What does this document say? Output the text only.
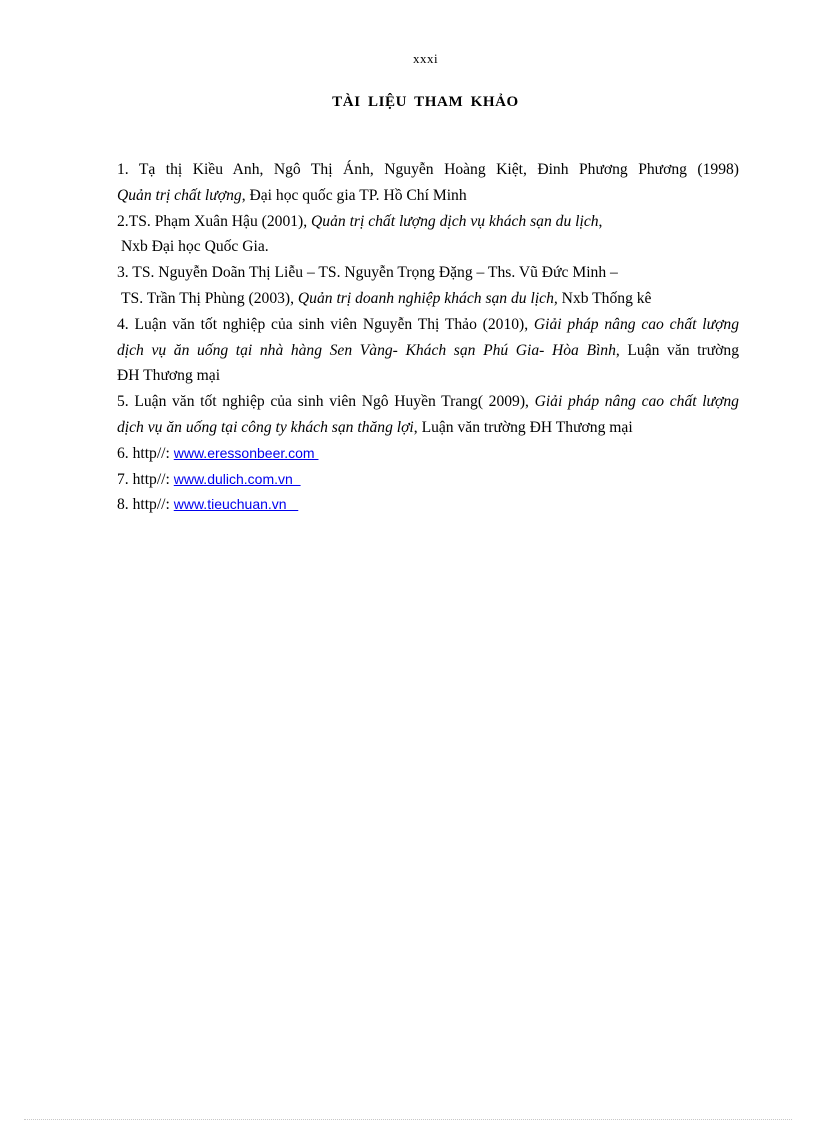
xxxi
TÀI LIỆU THAM KHẢO
1. Tạ thị Kiều Anh, Ngô Thị Ánh, Nguyễn Hoàng Kiệt, Đinh Phương Phương (1998)
Quản trị chất lượng, Đại học quốc gia TP. Hồ Chí Minh
2.TS. Phạm Xuân Hậu (2001), Quản trị chất lượng dịch vụ khách sạn du lịch,
Nxb Đại học Quốc Gia.
3. TS. Nguyễn Doãn Thị Liễu – TS. Nguyễn Trọng Đặng – Ths. Vũ Đức Minh –
TS. Trần Thị Phùng (2003), Quản trị doanh nghiệp khách sạn du lịch, Nxb Thống kê
4. Luận văn tốt nghiệp của sinh viên Nguyễn Thị Thảo (2010), Giải pháp nâng cao chất lượng
dịch vụ ăn uống tại nhà hàng Sen Vàng- Khách sạn Phú Gia- Hòa Bình, Luận văn trường
ĐH Thương mại
5. Luận văn tốt nghiệp của sinh viên Ngô Huyền Trang( 2009), Giải pháp nâng cao chất lượng
dịch vụ ăn uống tại công ty khách sạn thăng lợi, Luận văn trường ĐH Thương mại
6. http//: www.eressonbeer.com
7. http//: www.dulich.com.vn
8. http//: www.tieuchuan.vn
